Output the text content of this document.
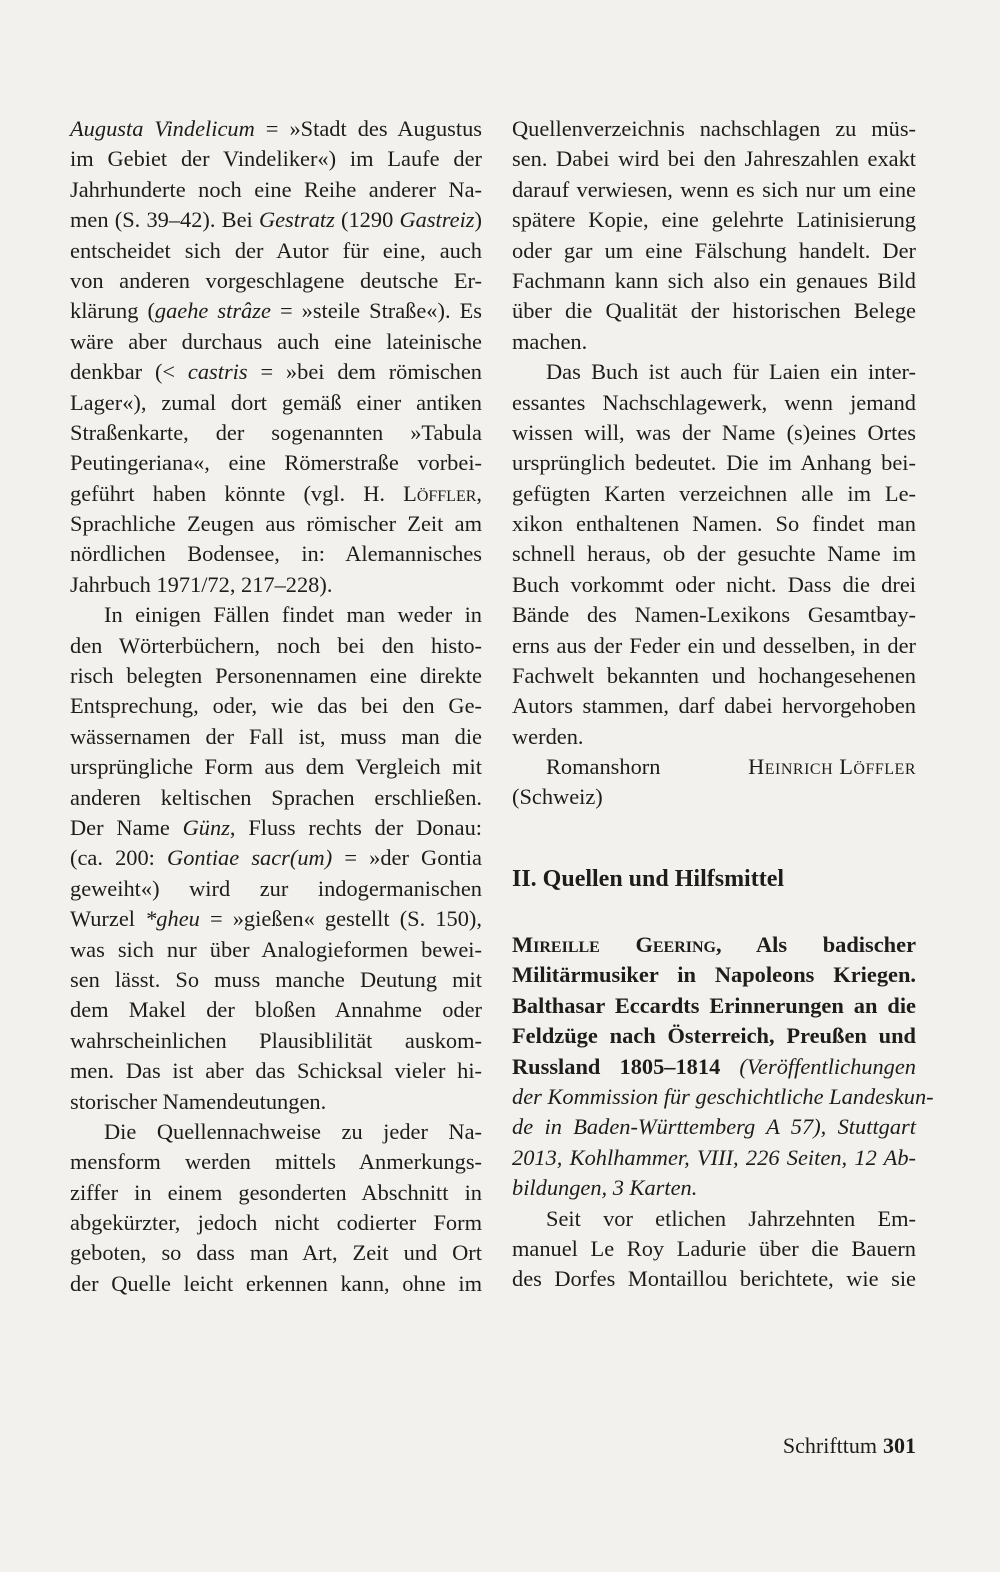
Augusta Vindelicum = »Stadt des Augustus
im Gebiet der Vindeliker«) im Laufe der
Jahrhunderte noch eine Reihe anderer Na-
men (S. 39–42). Bei Gestratz (1290 Gastreiz)
entscheidet sich der Autor für eine, auch
von anderen vorgeschlagene deutsche Er-
klärung (gaehe strâze = »steile Straße«). Es
wäre aber durchaus auch eine lateinische
denkbar (< castris = »bei dem römischen
Lager«), zumal dort gemäß einer antiken
Straßenkarte, der sogenannten »Tabula
Peutingeriana«, eine Römerstraße vorbei-
geführt haben könnte (vgl. H. Löffler,
Sprachliche Zeugen aus römischer Zeit am
nördlichen Bodensee, in: Alemannisches
Jahrbuch 1971/72, 217–228).
In einigen Fällen findet man weder in
den Wörterbüchern, noch bei den histo-
risch belegten Personennamen eine direkte
Entsprechung, oder, wie das bei den Ge-
wässernamen der Fall ist, muss man die
ursprüngliche Form aus dem Vergleich mit
anderen keltischen Sprachen erschließen.
Der Name Günz, Fluss rechts der Donau:
(ca. 200: Gontiae sacr(um) = »der Gontia
geweiht«) wird zur indogermanischen
Wurzel *gheu = »gießen« gestellt (S. 150),
was sich nur über Analogieformen bewei-
sen lässt. So muss manche Deutung mit
dem Makel der bloßen Annahme oder
wahrscheinlichen Plausiblilität auskom-
men. Das ist aber das Schicksal vieler hi-
storischer Namendeutungen.
Die Quellennachweise zu jeder Na-
mensform werden mittels Anmerkungs-
ziffer in einem gesonderten Abschnitt in
abgekürzter, jedoch nicht codierter Form
geboten, so dass man Art, Zeit und Ort
der Quelle leicht erkennen kann, ohne im
Quellenverzeichnis nachschlagen zu müs-
sen. Dabei wird bei den Jahreszahlen exakt
darauf verwiesen, wenn es sich nur um eine
spätere Kopie, eine gelehrte Latinisierung
oder gar um eine Fälschung handelt. Der
Fachmann kann sich also ein genaues Bild
über die Qualität der historischen Belege
machen.
Das Buch ist auch für Laien ein inter-
essantes Nachschlagewerk, wenn jemand
wissen will, was der Name (s)eines Ortes
ursprünglich bedeutet. Die im Anhang bei-
gefügten Karten verzeichnen alle im Le-
xikon enthaltenen Namen. So findet man
schnell heraus, ob der gesuchte Name im
Buch vorkommt oder nicht. Dass die drei
Bände des Namen-Lexikons Gesamtbay-
erns aus der Feder ein und desselben, in der
Fachwelt bekannten und hochangesehenen
Autors stammen, darf dabei hervorgehoben
werden.
Romanshorn	Heinrich Löffler
(Schweiz)
II. Quellen und Hilfsmittel
Mireille Geering, Als badischer
Militärmusiker in Napoleons Kriegen.
Balthasar Eccardts Erinnerungen an die
Feldzüge nach Österreich, Preußen und
Russland 1805–1814 (Veröffentlichungen
der Kommission für geschichtliche Landeskun-
de in Baden-Württemberg A 57), Stuttgart
2013, Kohlhammer, VIII, 226 Seiten, 12 Ab-
bildungen, 3 Karten.
Seit vor etlichen Jahrzehnten Em-
manuel Le Roy Ladurie über die Bauern
des Dorfes Montaillou berichtete, wie sie
Schrifttum 301
